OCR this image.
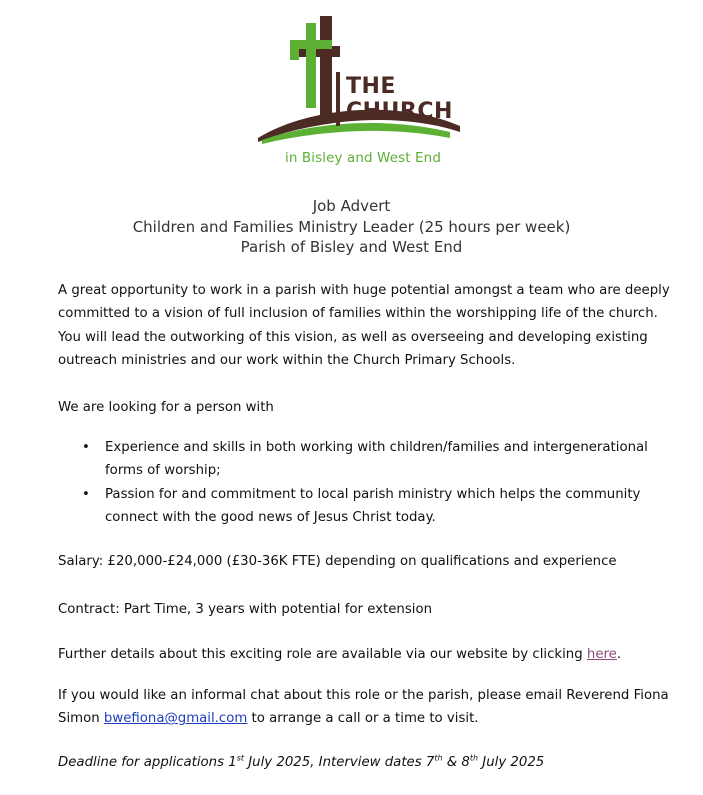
THE
CHURCH
in Bisley and West End
Job Advert
Children and Families Ministry Leader (25 hours per week)
Parish of Bisley and West End
A great opportunity to work in a parish with huge potential amongst a team who are deeply committed to a vision of full inclusion of families within the worshipping life of the church. You will lead the outworking of this vision, as well as overseeing and developing existing outreach ministries and our work within the Church Primary Schools.
We are looking for a person with
• Experience and skills in both working with children/families and intergenerational forms of worship;
• Passion for and commitment to local parish ministry which helps the community connect with the good news of Jesus Christ today.
Salary: £20,000-£24,000 (£30-36K FTE) depending on qualifications and experience
Contract: Part Time, 3 years with potential for extension
Further details about this exciting role are available via our website by clicking here.
If you would like an informal chat about this role or the parish, please email Reverend Fiona Simon bwefiona@gmail.com to arrange a call or a time to visit.
Deadline for applications 1st July 2025, Interview dates 7th & 8th July 2025
